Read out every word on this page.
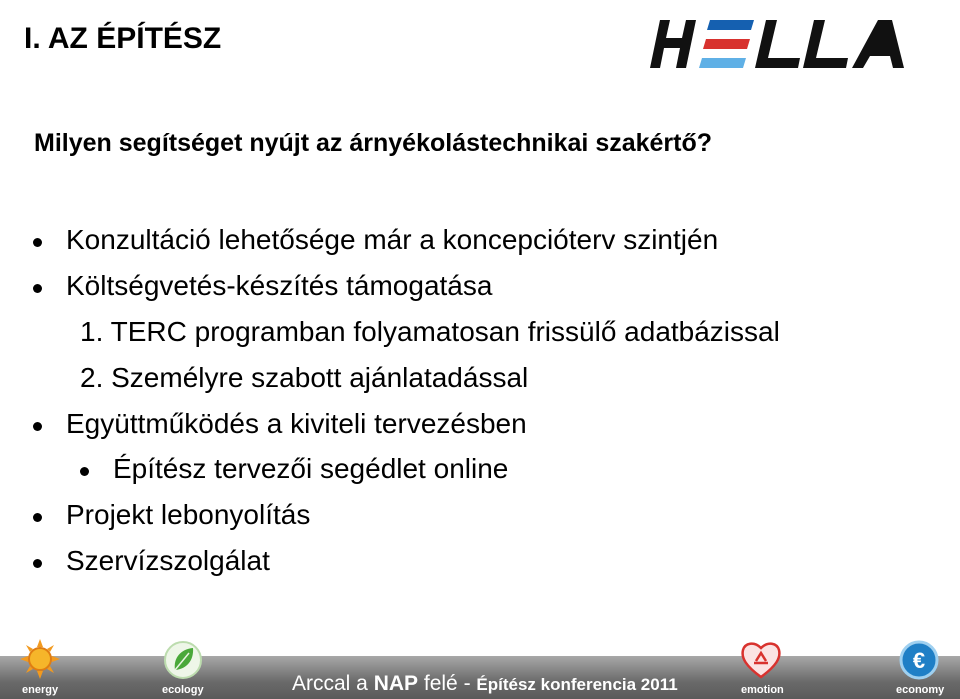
I. AZ ÉPÍTÉSZ
Milyen segítséget nyújt az árnyékolástechnikai szakértő?
Konzultáció lehetősége már a koncepcióterv szintjén
Költségvetés-készítés támogatása
1. TERC programban folyamatosan frissülő adatbázissal
2. Személyre szabott ajánlatadással
Együttműködés a kiviteli tervezésben
Építész tervezői segédlet online
Projekt lebonyolítás
Szervízszolgálat
energy	ecology	Arccal a NAP felé - Építész konferencia 2011	emotion
€
economy
